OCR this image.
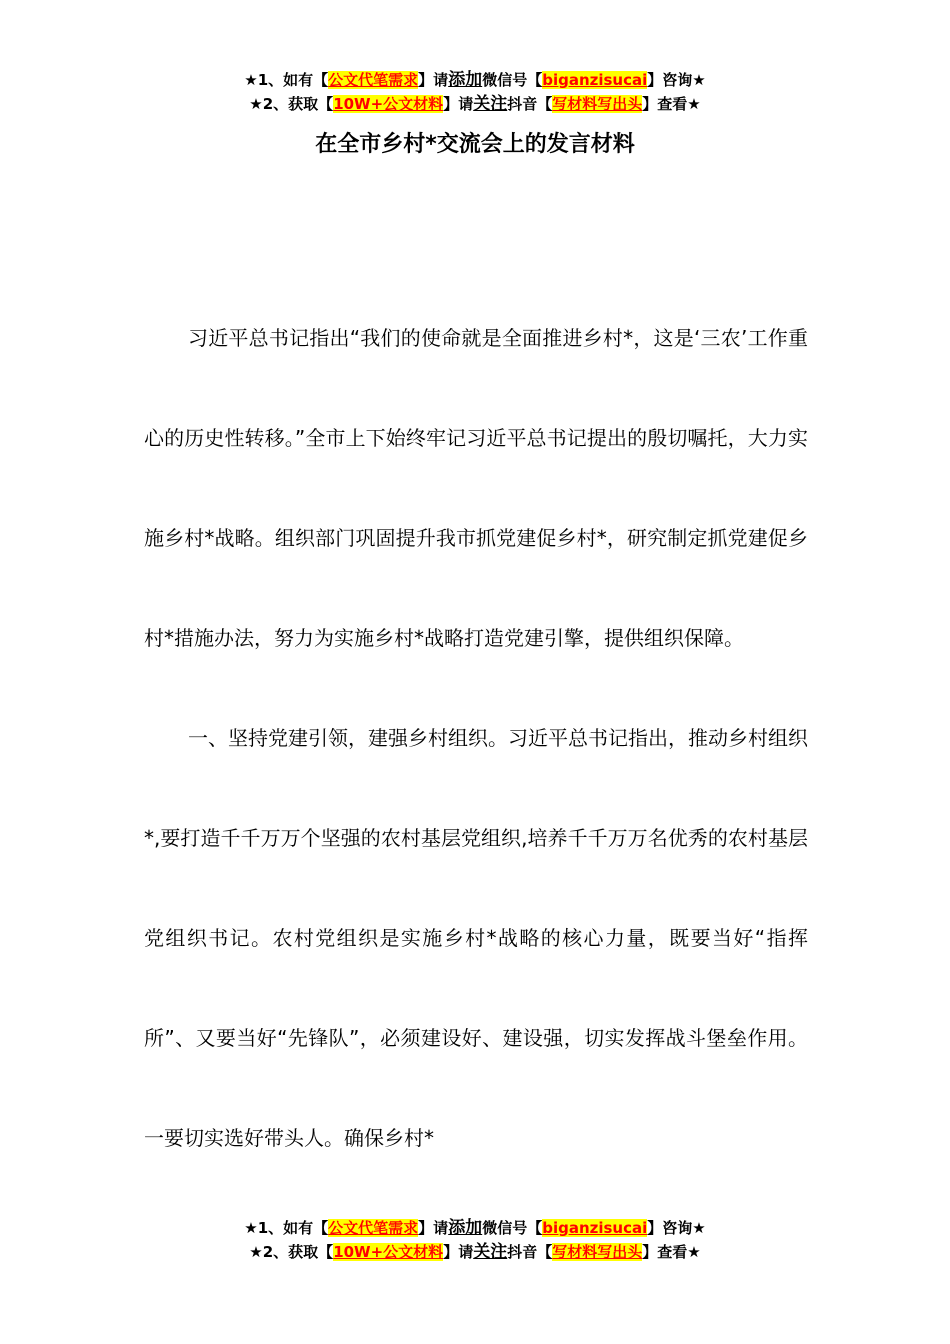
★1、如有【公文代笔需求】请添加微信号【biganzisucai】咨询★
★2、获取【10W+公文材料】请关注抖音【写材料写出头】查看★
在全市乡村*交流会上的发言材料

习近平总书记指出“我们的使命就是全面推进乡村*，这是‘三农’工作重心的历史性转移。”全市上下始终牢记习近平总书记提出的殷切嘱托，大力实施乡村*战略。组织部门巩固提升我市抓党建促乡村*，研究制定抓党建促乡村*措施办法，努力为实施乡村*战略打造党建引擎，提供组织保障。

一、坚持党建引领，建强乡村组织。习近平总书记指出，推动乡村组织*,要打造千千万万个坚强的农村基层党组织,培养千千万万名优秀的农村基层党组织书记。农村党组织是实施乡村*战略的核心力量，既要当好“指挥所”、又要当好“先锋队”，必须建设好、建设强，切实发挥战斗堡垒作用。一要切实选好带头人。确保乡村*

★1、如有【公文代笔需求】请添加微信号【biganzisucai】咨询★
★2、获取【10W+公文材料】请关注抖音【写材料写出头】查看★
